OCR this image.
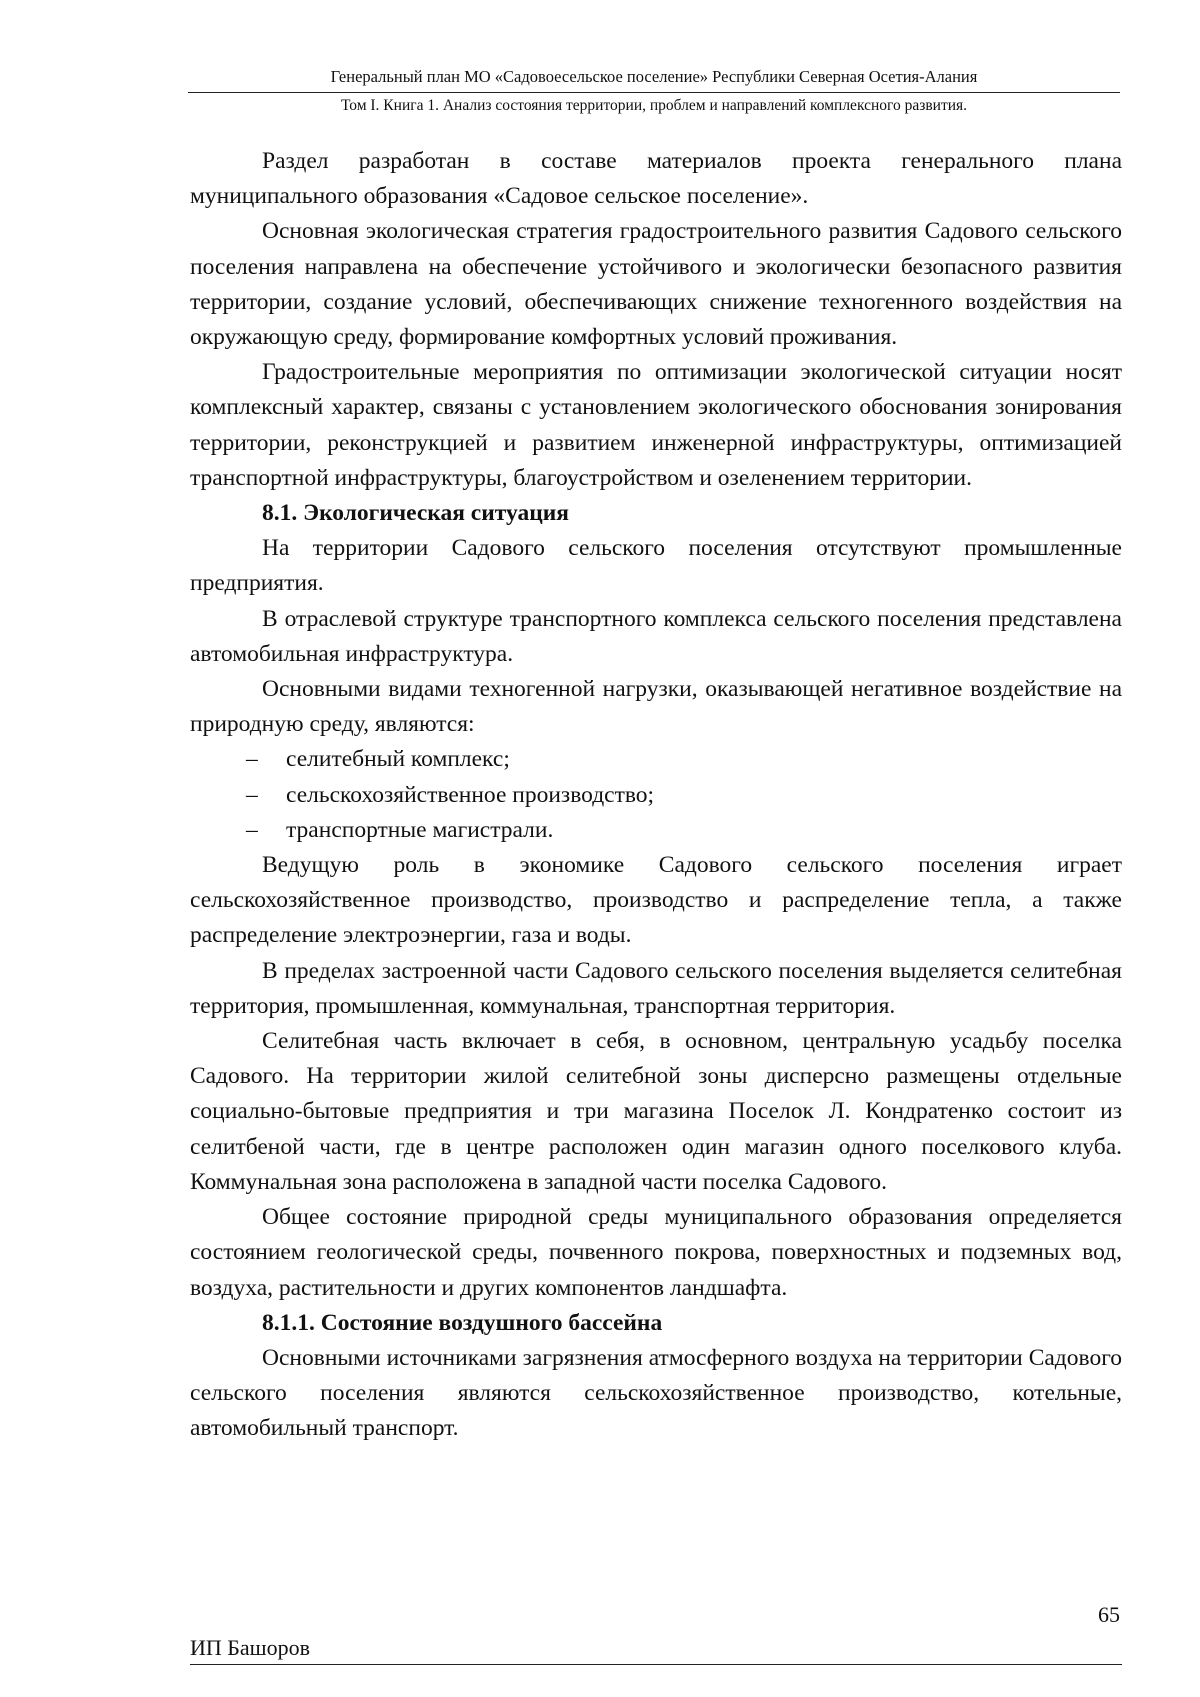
Генеральный план МО «Садовоесельское поселение» Республики Северная Осетия-Алания
Том I. Книга 1. Анализ состояния территории, проблем и направлений комплексного развития.

Раздел разработан в составе материалов проекта генерального плана муниципального образования «Садовое сельское поселение».

Основная экологическая стратегия градостроительного развития Садового сельского поселения направлена на обеспечение устойчивого и экологически безопасного развития территории, создание условий, обеспечивающих снижение техногенного воздействия на окружающую среду, формирование комфортных условий проживания.

Градостроительные мероприятия по оптимизации экологической ситуации носят комплексный характер, связаны с установлением экологического обоснования зонирования территории, реконструкцией и развитием инженерной инфраструктуры, оптимизацией транспортной инфраструктуры, благоустройством и озеленением территории.

8.1. Экологическая ситуация

На территории Садового сельского поселения отсутствуют промышленные предприятия.

В отраслевой структуре транспортного комплекса сельского поселения представлена автомобильная инфраструктура.

Основными видами техногенной нагрузки, оказывающей негативное воздействие на природную среду, являются:

– селитебный комплекс;
– сельскохозяйственное производство;
– транспортные магистрали.

Ведущую роль в экономике Садового сельского поселения играет сельскохозяйственное производство, производство и распределение тепла, а также распределение электроэнергии, газа и воды.

В пределах застроенной части Садового сельского поселения выделяется селитебная территория, промышленная, коммунальная, транспортная территория.

Селитебная часть включает в себя, в основном, центральную усадьбу поселка Садового. На территории жилой селитебной зоны дисперсно размещены отдельные социально-бытовые предприятия и три магазина Поселок Л. Кондратенко состоит из селитбеной части, где в центре расположен один магазин одного поселкового клуба. Коммунальная зона расположена в западной части поселка Садового.

Общее состояние природной среды муниципального образования определяется состоянием геологической среды, почвенного покрова, поверхностных и подземных вод, воздуха, растительности и других компонентов ландшафта.

8.1.1. Состояние воздушного бассейна

Основными источниками загрязнения атмосферного воздуха на территории Садового сельского поселения являются сельскохозяйственное производство, котельные, автомобильный транспорт.

65
ИП Башоров
